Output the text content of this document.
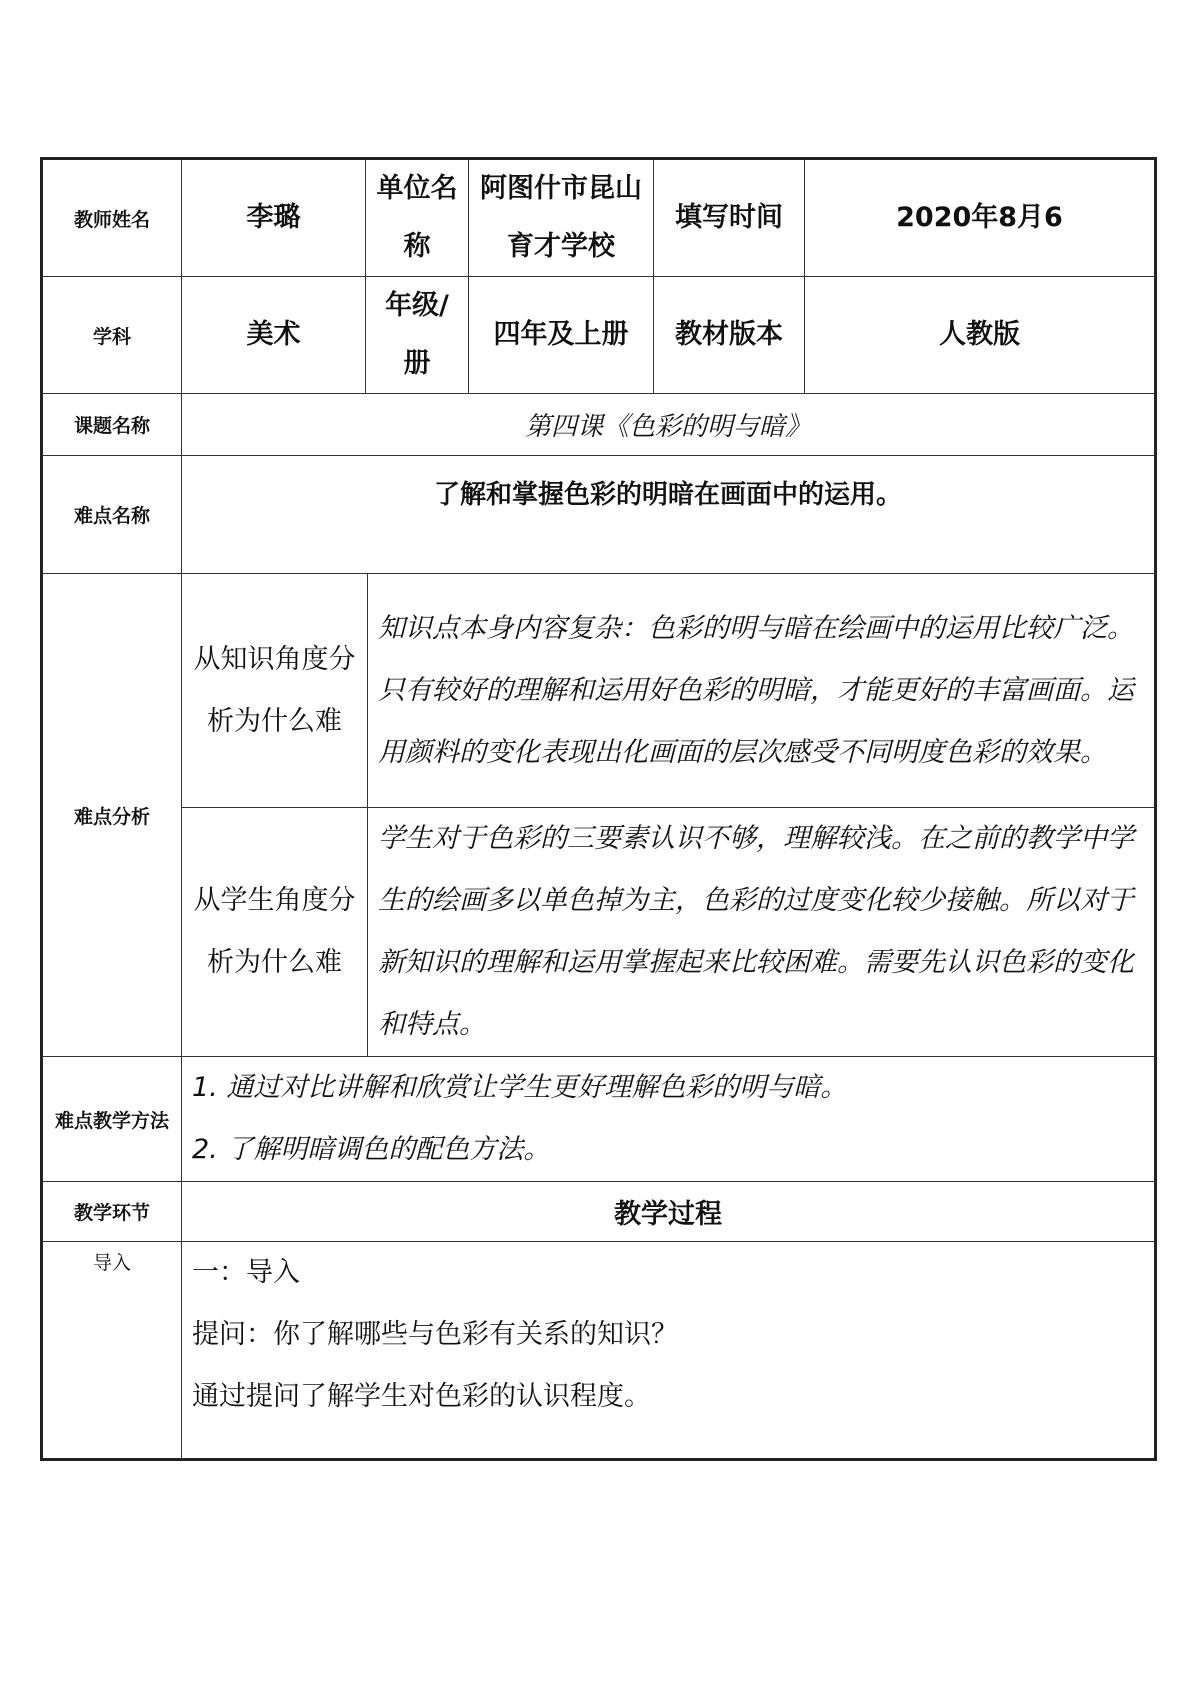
教师姓名	李璐	单位名称		阿图什市昆山育才学校	填写时间	2020年8月6
学科	美术	年级/册		四年及上册	教材版本	人教版
课题名称	第四课《色彩的明与暗》					
难点名称	了解和掌握色彩的明暗在画面中的运用。					
难点分析	从知识角度分析为什么难		知识点本身内容复杂：色彩的明与暗在绘画中的运用比较广泛。只有较好的理解和运用好色彩的明暗，才能更好的丰富画面。运用颜料的变化表现出化画面的层次感受不同明度色彩的效果。			
	从学生角度分析为什么难		学生对于色彩的三要素认识不够，理解较浅。在之前的教学中学生的绘画多以单色掉为主，色彩的过度变化较少接触。所以对于新知识的理解和运用掌握起来比较困难。需要先认识色彩的变化和特点。			
难点教学方法	1. 通过对比讲解和欣赏让学生更好理解色彩的明与暗。
2. 了解明暗调色的配色方法。					

教学环节	教学过程					
导入	一：导入
提问：你了解哪些与色彩有关系的知识？
通过提问了解学生对色彩的认识程度。					
